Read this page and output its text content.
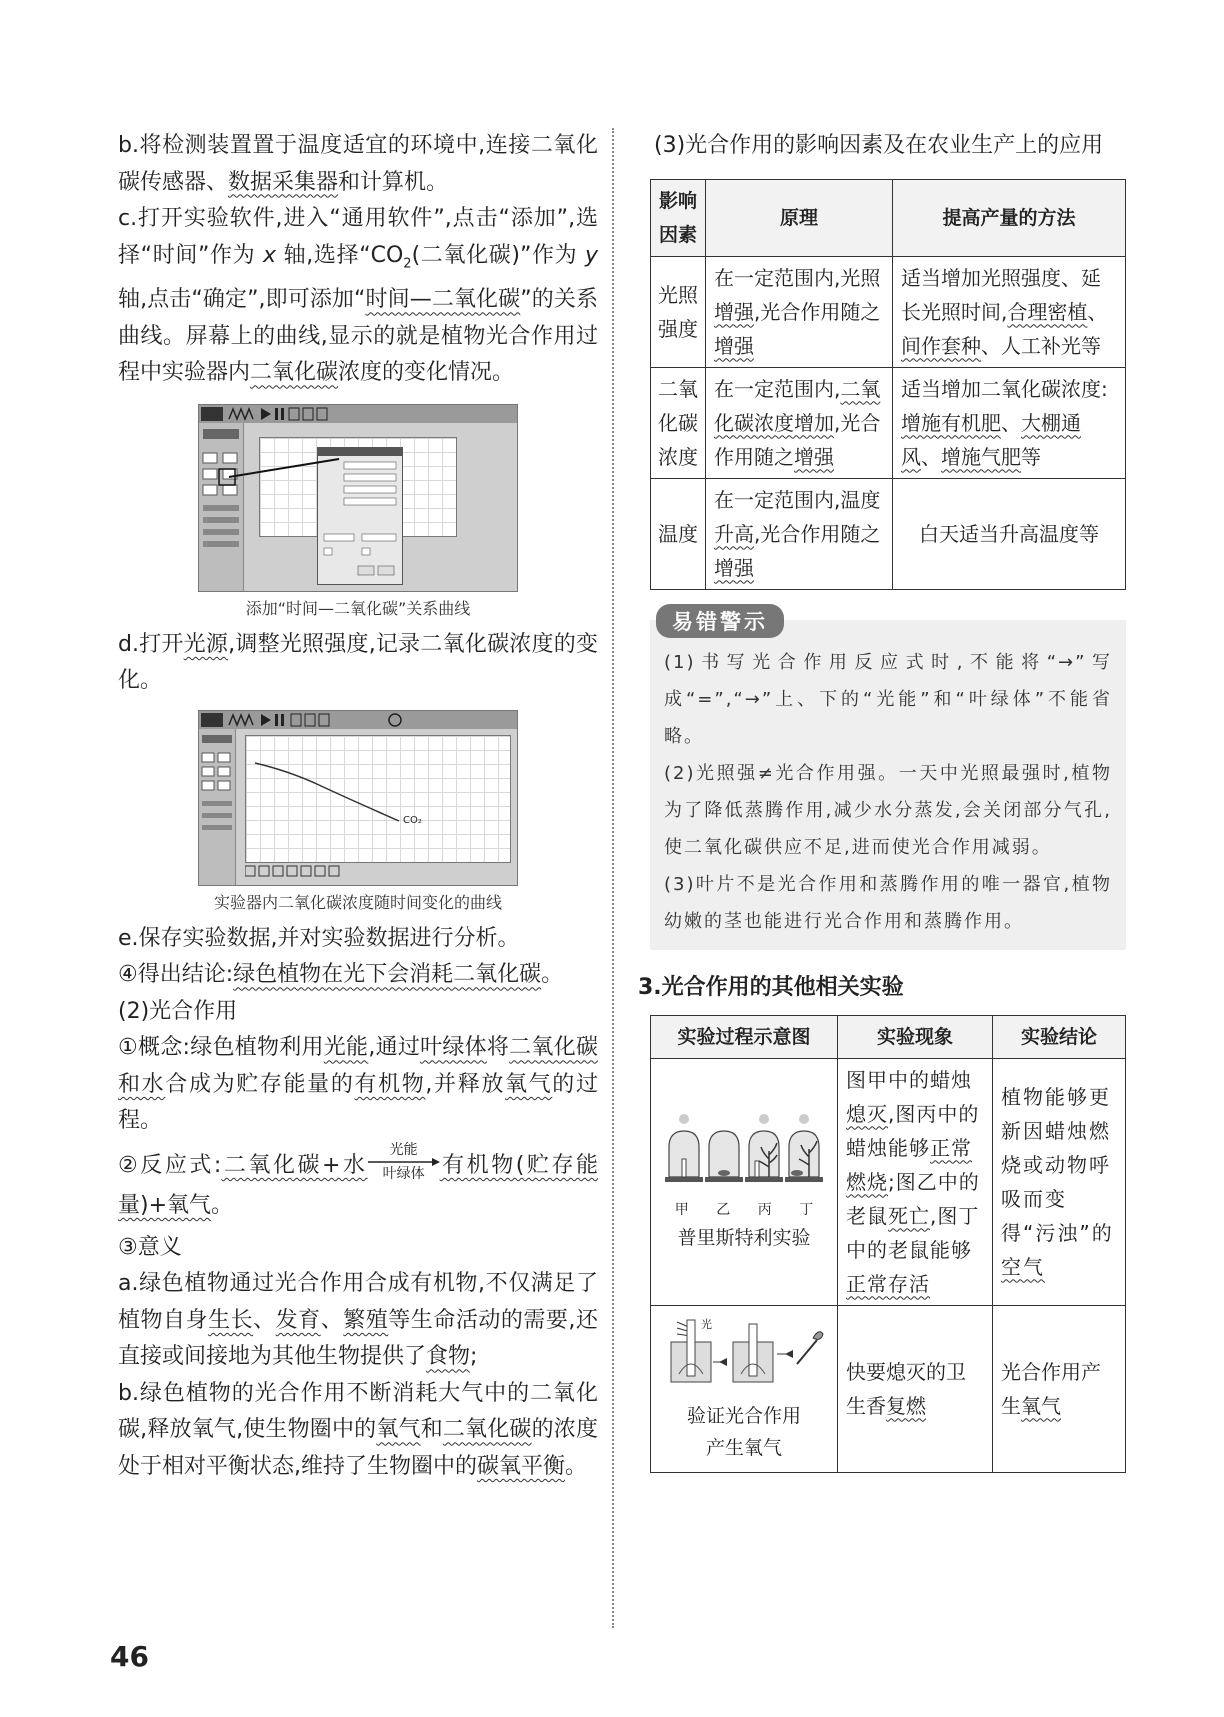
b.将检测装置置于温度适宜的环境中,连接二氧化碳传感器、数据采集器和计算机。

c.打开实验软件,进入“通用软件”,点击“添加”,选择“时间”作为 x 轴,选择“$CO_2$(二氧化碳)”作为 y 轴,点击“确定”,即可添加“时间—二氧化碳”的关系曲线。屏幕上的曲线,显示的就是植物光合作用过程中实验器内二氧化碳浓度的变化情况。

添加“时间—二氧化碳”关系曲线

d.打开光源,调整光照强度,记录二氧化碳浓度的变化。

CO₂
实验器内二氧化碳浓度随时间变化的曲线

e.保存实验数据,并对实验数据进行分析。

④得出结论:绿色植物在光下会消耗二氧化碳。

(2)光合作用

①概念:绿色植物利用光能,通过叶绿体将二氧化碳和水合成为贮存能量的有机物,并释放氧气的过程。

②反应式:二氧化碳+水
光能
叶绿体 有机物(贮存能量)+氧气。

③意义

a.绿色植物通过光合作用合成有机物,不仅满足了植物自身生长、发育、繁殖等生命活动的需要,还直接或间接地为其他生物提供了食物;

b.绿色植物的光合作用不断消耗大气中的二氧化碳,释放氧气,使生物圈中的氧气和二氧化碳的浓度处于相对平衡状态,维持了生物圈中的碳氧平衡。

(3)光合作用的影响因素及在农业生产上的应用

影响因素	原理	提高产量的方法
光照强度	在一定范围内,光照增强,光合作用随之增强	适当增加光照强度、延长光照时间,合理密植、间作套种、人工补光等
二氧化碳浓度	在一定范围内,二氧化碳浓度增加,光合作用随之增强	适当增加二氧化碳浓度:增施有机肥、大棚通风、增施气肥等
温度	在一定范围内,温度升高,光合作用随之增强	白天适当升高温度等
易错警示

(1)书写光合作用反应式时,不能将“→”写成“=”,“→”上、下的“光能”和“叶绿体”不能省略。

(2)光照强≠光合作用强。一天中光照最强时,植物为了降低蒸腾作用,减少水分蒸发,会关闭部分气孔,使二氧化碳供应不足,进而使光合作用减弱。

(3)叶片不是光合作用和蒸腾作用的唯一器官,植物幼嫩的茎也能进行光合作用和蒸腾作用。

3.光合作用的其他相关实验
实验过程示意图	实验现象	实验结论

甲 乙 丙 丁
普里斯特利实验	图甲中的蜡烛熄灭,图丙中的蜡烛能够正常燃烧;图乙中的老鼠死亡,图丁中的老鼠能够正常存活	植物能够更新因蜡烛燃烧或动物呼吸而变得“污浊”的空气

光
验证光合作用产生氧气	快要熄灭的卫生香复燃	光合作用产生氧气
46
